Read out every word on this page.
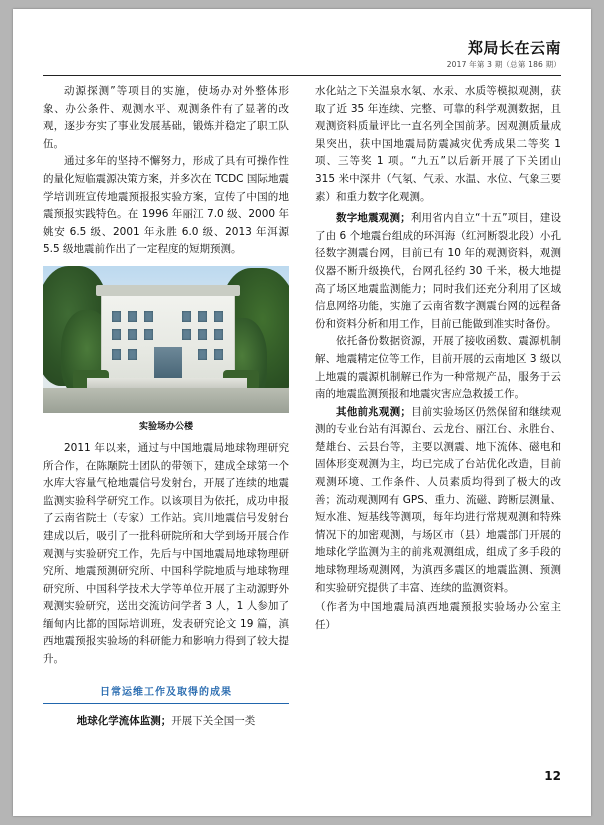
郑局长在云南
2017 年第 3 期（总第 186 期）

动源探测”等项目的实施，使场办对外整体形象、办公条件、观测水平、观测条件有了显著的改观，逐步夯实了事业发展基础，锻炼并稳定了职工队伍。

通过多年的坚持不懈努力，形成了具有可操作性的量化短临震源决策方案，并多次在 TCDC 国际地震学培训班宣传地震预报报实验方案，宣传了中国的地震预报实践特色。在 1996 年丽江 7.0 级、2000 年姚安 6.5 级、2001 年永胜 6.0 级、2013 年洱源 5.5 级地震前作出了一定程度的短期预测。

实验场办公楼

2011 年以来，通过与中国地震局地球物理研究所合作，在陈颙院士团队的带领下，建成全球第一个水库大容量气枪地震信号发射台，开展了连续的地震监测实验科学研究工作。以该项目为依托，成功申报了云南省院士（专家）工作站。宾川地震信号发射台建成以后，吸引了一批科研院所和大学到场开展合作观测与实验研究工作，先后与中国地震局地球物理研究所、地震预测研究所、中国科学院地质与地球物理研究所、中国科学技术大学等单位开展了主动源野外观测实验研究，送出交流访问学者 3 人，1 人参加了缅甸内比都的国际培训班，发表研究论文 19 篇，滇西地震预报实验场的科研能力和影响力得到了较大提升。

日常运维工作及取得的成果

地球化学流体监测；开展下关全国一类

水化站之下关温泉水氡、水汞、水质等模拟观测，获取了近 35 年连续、完整、可靠的科学观测数据，且观测资料质量评比一直名列全国前茅。因观测质量成果突出，获中国地震局防震减灾优秀成果二等奖 1 项、三等奖 1 项。“九五”以后新开展了下关团山 315 米中深井（气氡、气汞、水温、水位、气象三要素）和重力数字化观测。

数字地震观测；利用省内自立“十五”项目，建设了由 6 个地震台组成的环洱海（红河断裂北段）小孔径数字测震台网，目前已有 10 年的观测资料，观测仪器不断升级换代，台网孔径约 30 千米，极大地提高了场区地震监测能力；同时我们还充分利用了区域信息网络功能，实施了云南省数字测震台网的远程备份和资料分析和用工作，目前已能做到准实时备份。

依托备份数据资源，开展了接收函数、震源机制解、地震精定位等工作，目前开展的云南地区 3 级以上地震的震源机制解已作为一种常规产品，服务于云南的地震监测预报和地震灾害应急救援工作。

其他前兆观测；目前实验场区仍然保留和继续观测的专业台站有洱源台、云龙台、丽江台、永胜台、楚雄台、云县台等，主要以测震、地下流体、磁电和固体形变观测为主，均已完成了台站优化改造，目前观测环境、工作条件、人员素质均得到了极大的改善；流动观测网有 GPS、重力、流磁、跨断层测量、短水准、短基线等测项，每年均进行常规观测和特殊情况下的加密观测，与场区市（县）地震部门开展的地球化学监测为主的前兆观测组成，组成了多手段的地球物理场观测网，为滇西多震区的地震监测、预测和实验研究提供了丰富、连续的监测资料。

（作者为中国地震局滇西地震预报实验场办公室主任）

12
